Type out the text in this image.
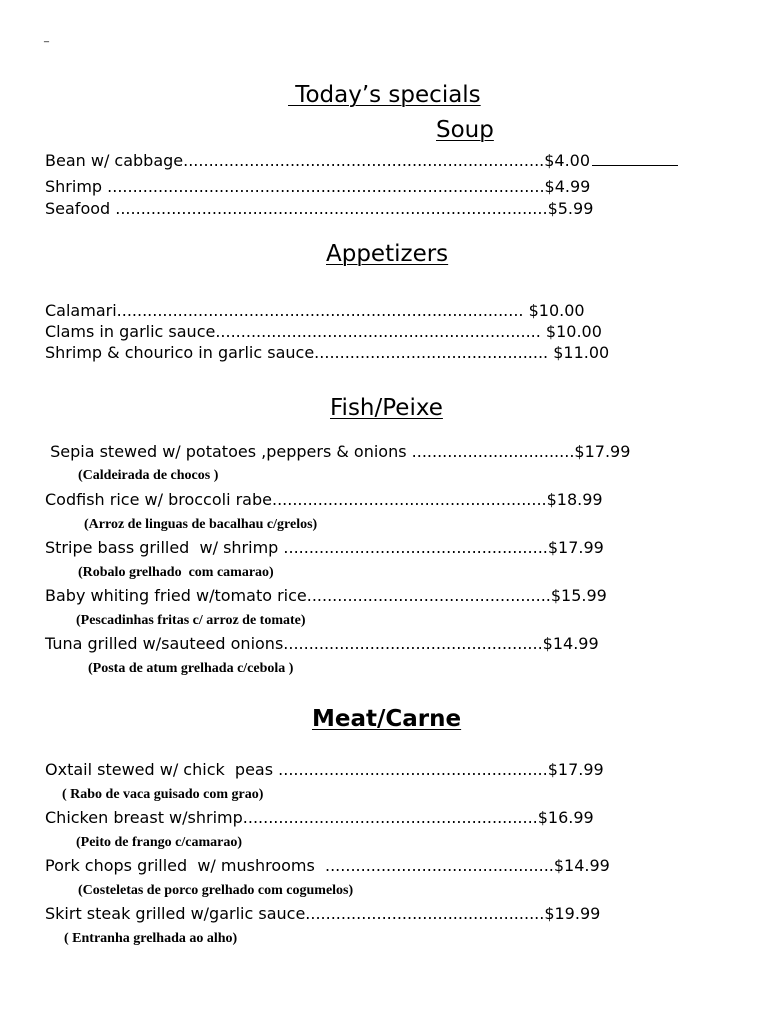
_
Today’s specials
Soup
Bean w/ cabbage.......................................................................$4.00
Shrimp ......................................................................................$4.99
Seafood .....................................................................................$5.99
Appetizers
Calamari................................................................................ $10.00
Clams in garlic sauce................................................................ $10.00
Shrimp & chourico in garlic sauce.............................................. $11.00
Fish/Peixe
Sepia stewed w/ potatoes ,peppers & onions ................................$17.99
(Caldeirada de chocos )
Codfish rice w/ broccoli rabe......................................................$18.99
(Arroz de linguas de bacalhau c/grelos)
Stripe bass grilled  w/ shrimp ....................................................$17.99
(Robalo grelhado  com camarao)
Baby whiting fried w/tomato rice................................................$15.99
(Pescadinhas fritas c/ arroz de tomate)
Tuna grilled w/sauteed onions...................................................$14.99
(Posta de atum grelhada c/cebola )
Meat/Carne
Oxtail stewed w/ chick  peas .....................................................$17.99
( Rabo de vaca guisado com grao)
Chicken breast w/shrimp..........................................................$16.99
(Peito de frango c/camarao)
Pork chops grilled  w/ mushrooms  .............................................$14.99
(Costeletas de porco grelhado com cogumelos)
Skirt steak grilled w/garlic sauce...............................................$19.99
( Entranha grelhada ao alho)
